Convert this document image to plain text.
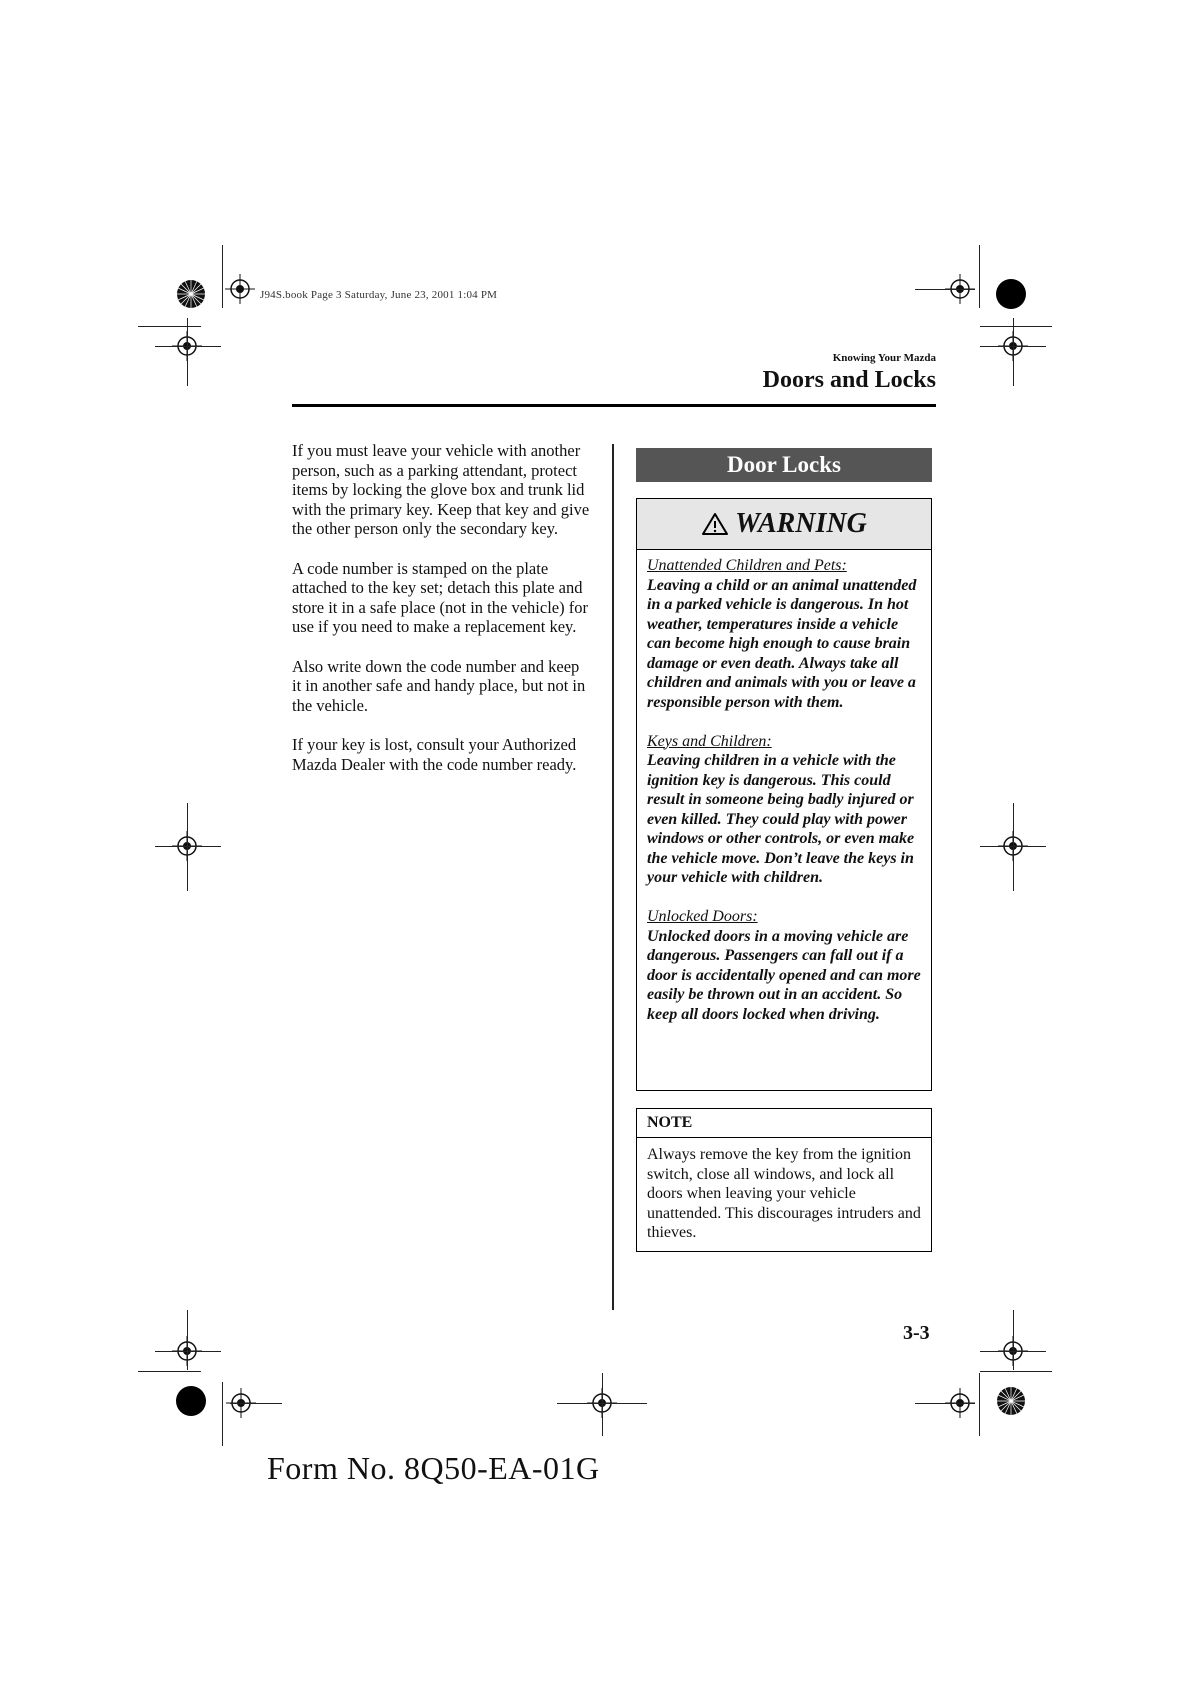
J94S.book Page 3 Saturday, June 23, 2001 1:04 PM
Knowing Your Mazda
Doors and Locks

If you must leave your vehicle with another person, such as a parking attendant, protect items by locking the glove box and trunk lid with the primary key. Keep that key and give the other person only the secondary key.

A code number is stamped on the plate attached to the key set; detach this plate and store it in a safe place (not in the vehicle) for use if you need to make a replacement key.

Also write down the code number and keep it in another safe and handy place, but not in the vehicle.

If your key is lost, consult your Authorized Mazda Dealer with the code number ready.

Door Locks
WARNING

Unattended Children and Pets:

Leaving a child or an animal unattended in a parked vehicle is dangerous. In hot weather, temperatures inside a vehicle can become high enough to cause brain damage or even death. Always take all children and animals with you or leave a responsible person with them.

Keys and Children:

Leaving children in a vehicle with the ignition key is dangerous. This could result in someone being badly injured or even killed. They could play with power windows or other controls, or even make the vehicle move. Don’t leave the keys in your vehicle with children.

Unlocked Doors:

Unlocked doors in a moving vehicle are dangerous. Passengers can fall out if a door is accidentally opened and can more easily be thrown out in an accident. So keep all doors locked when driving.

NOTE

Always remove the key from the ignition switch, close all windows, and lock all doors when leaving your vehicle unattended. This discourages intruders and thieves.

3-3
Form No. 8Q50-EA-01G
